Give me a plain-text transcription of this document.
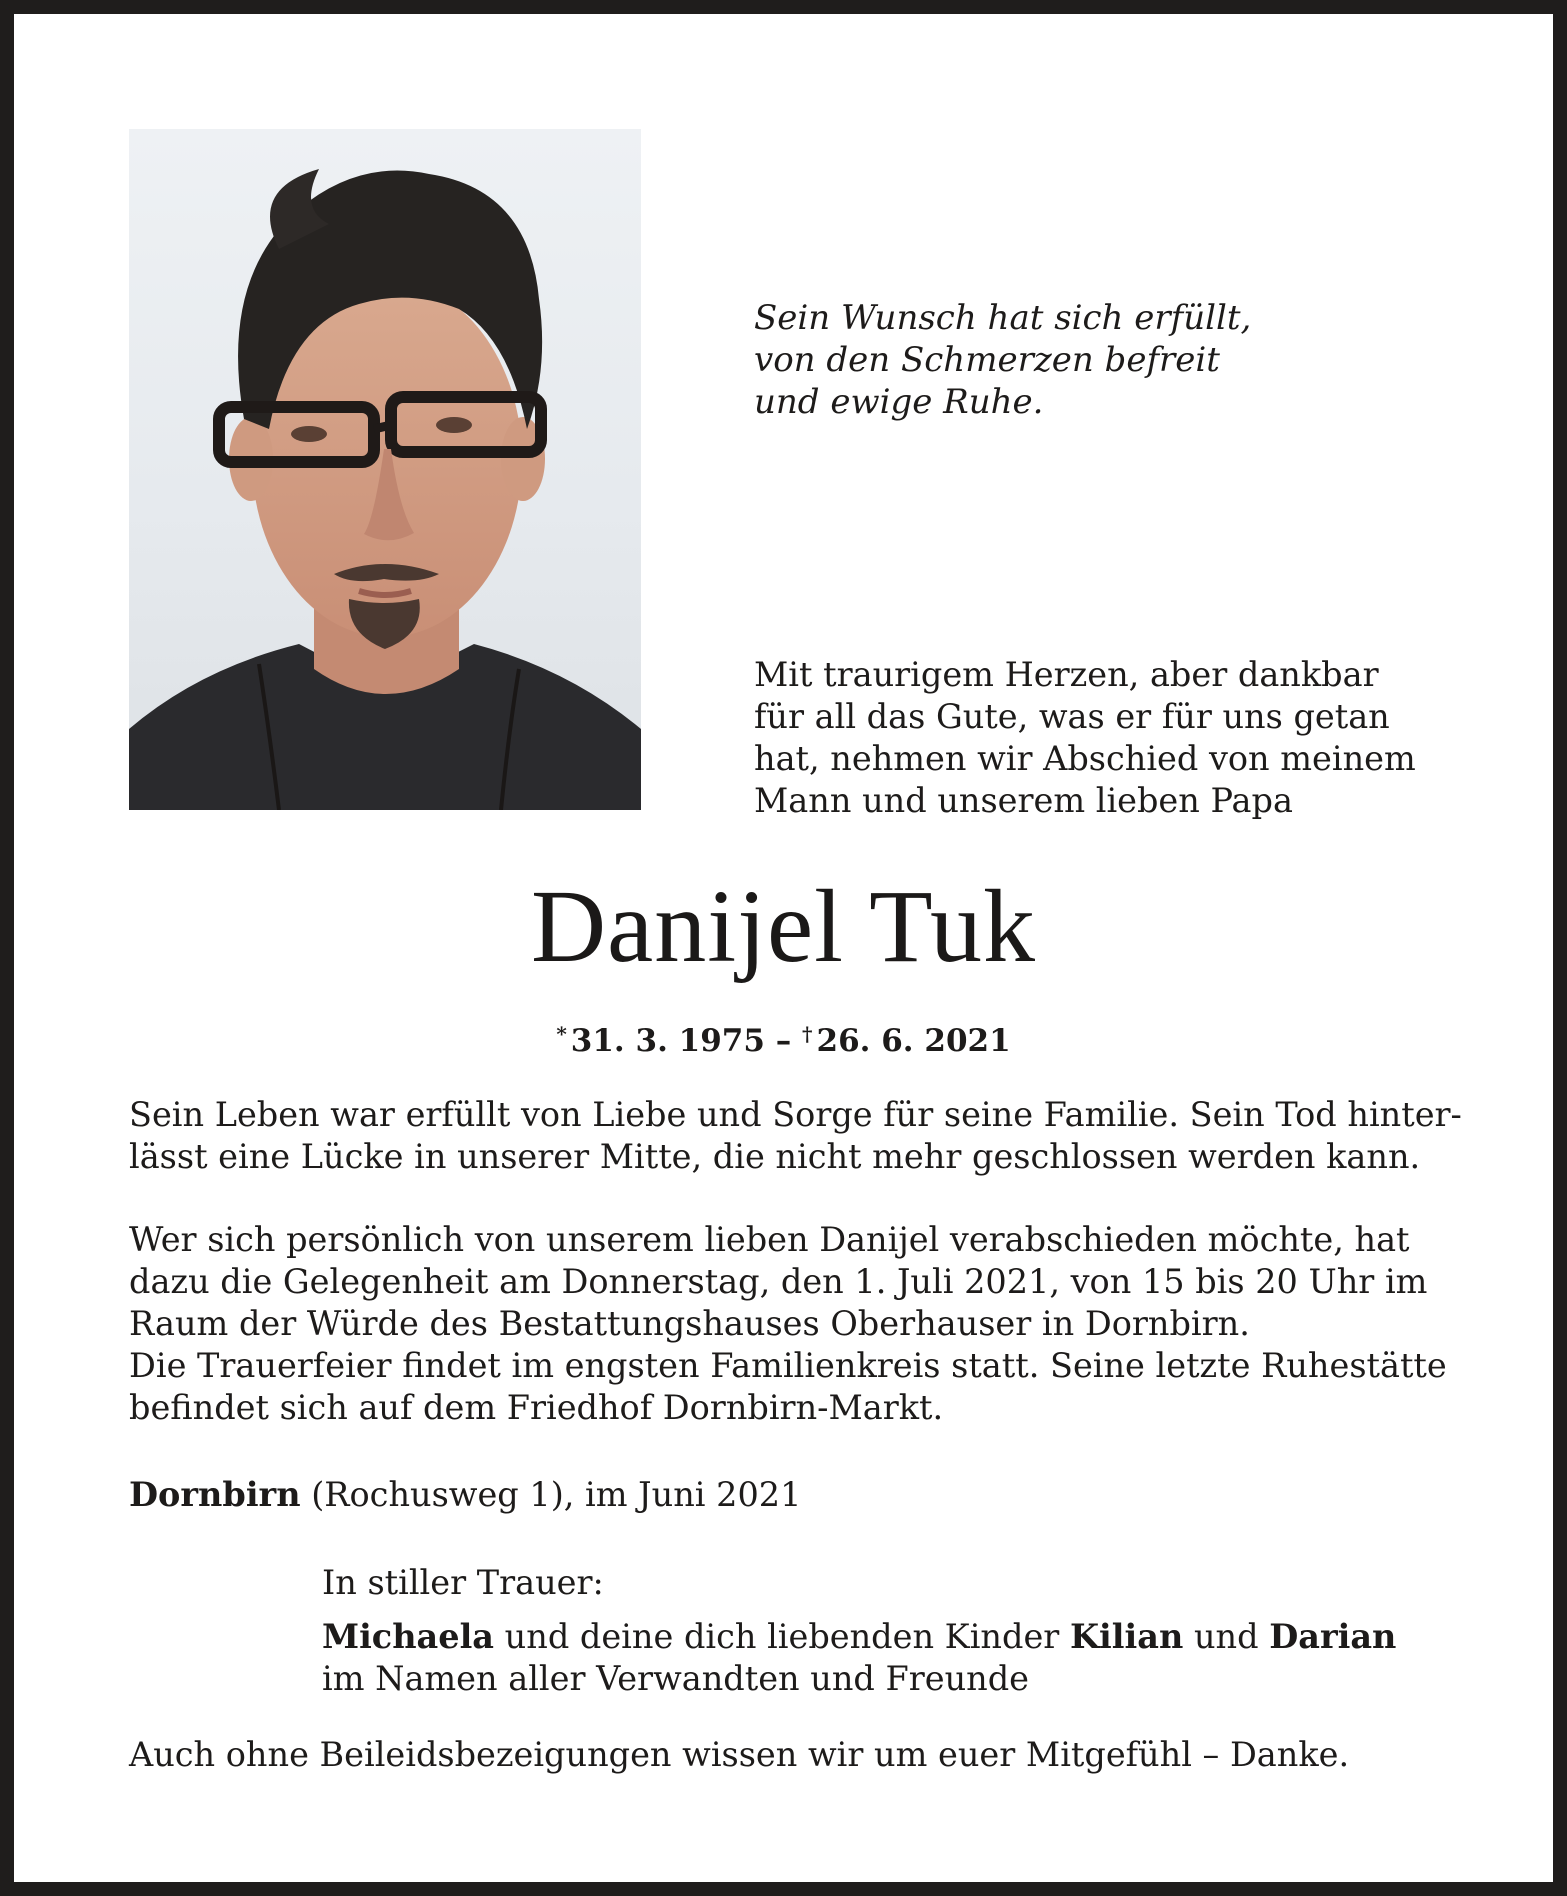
Sein Wunsch hat sich erfüllt,
von den Schmerzen befreit
und ewige Ruhe.
Mit traurigem Herzen, aber dankbar
für all das Gute, was er für uns getan
hat, nehmen wir Abschied von meinem
Mann und unserem lieben Papa
Danijel Tuk
* 31. 3. 1975 – † 26. 6. 2021
Sein Leben war erfüllt von Liebe und Sorge für seine Familie. Sein Tod hinter-
lässt eine Lücke in unserer Mitte, die nicht mehr geschlossen werden kann.
Wer sich persönlich von unserem lieben Danijel verabschieden möchte, hat
dazu die Gelegenheit am Donnerstag, den 1. Juli 2021, von 15 bis 20 Uhr im
Raum der Würde des Bestattungshauses Oberhauser in Dornbirn.
Die Trauerfeier findet im engsten Familienkreis statt. Seine letzte Ruhestätte
befindet sich auf dem Friedhof Dornbirn-Markt.
Dornbirn (Rochusweg 1), im Juni 2021
In stiller Trauer:
Michaela und deine dich liebenden Kinder Kilian und Darian
im Namen aller Verwandten und Freunde
Auch ohne Beileidsbezeigungen wissen wir um euer Mitgefühl – Danke.
